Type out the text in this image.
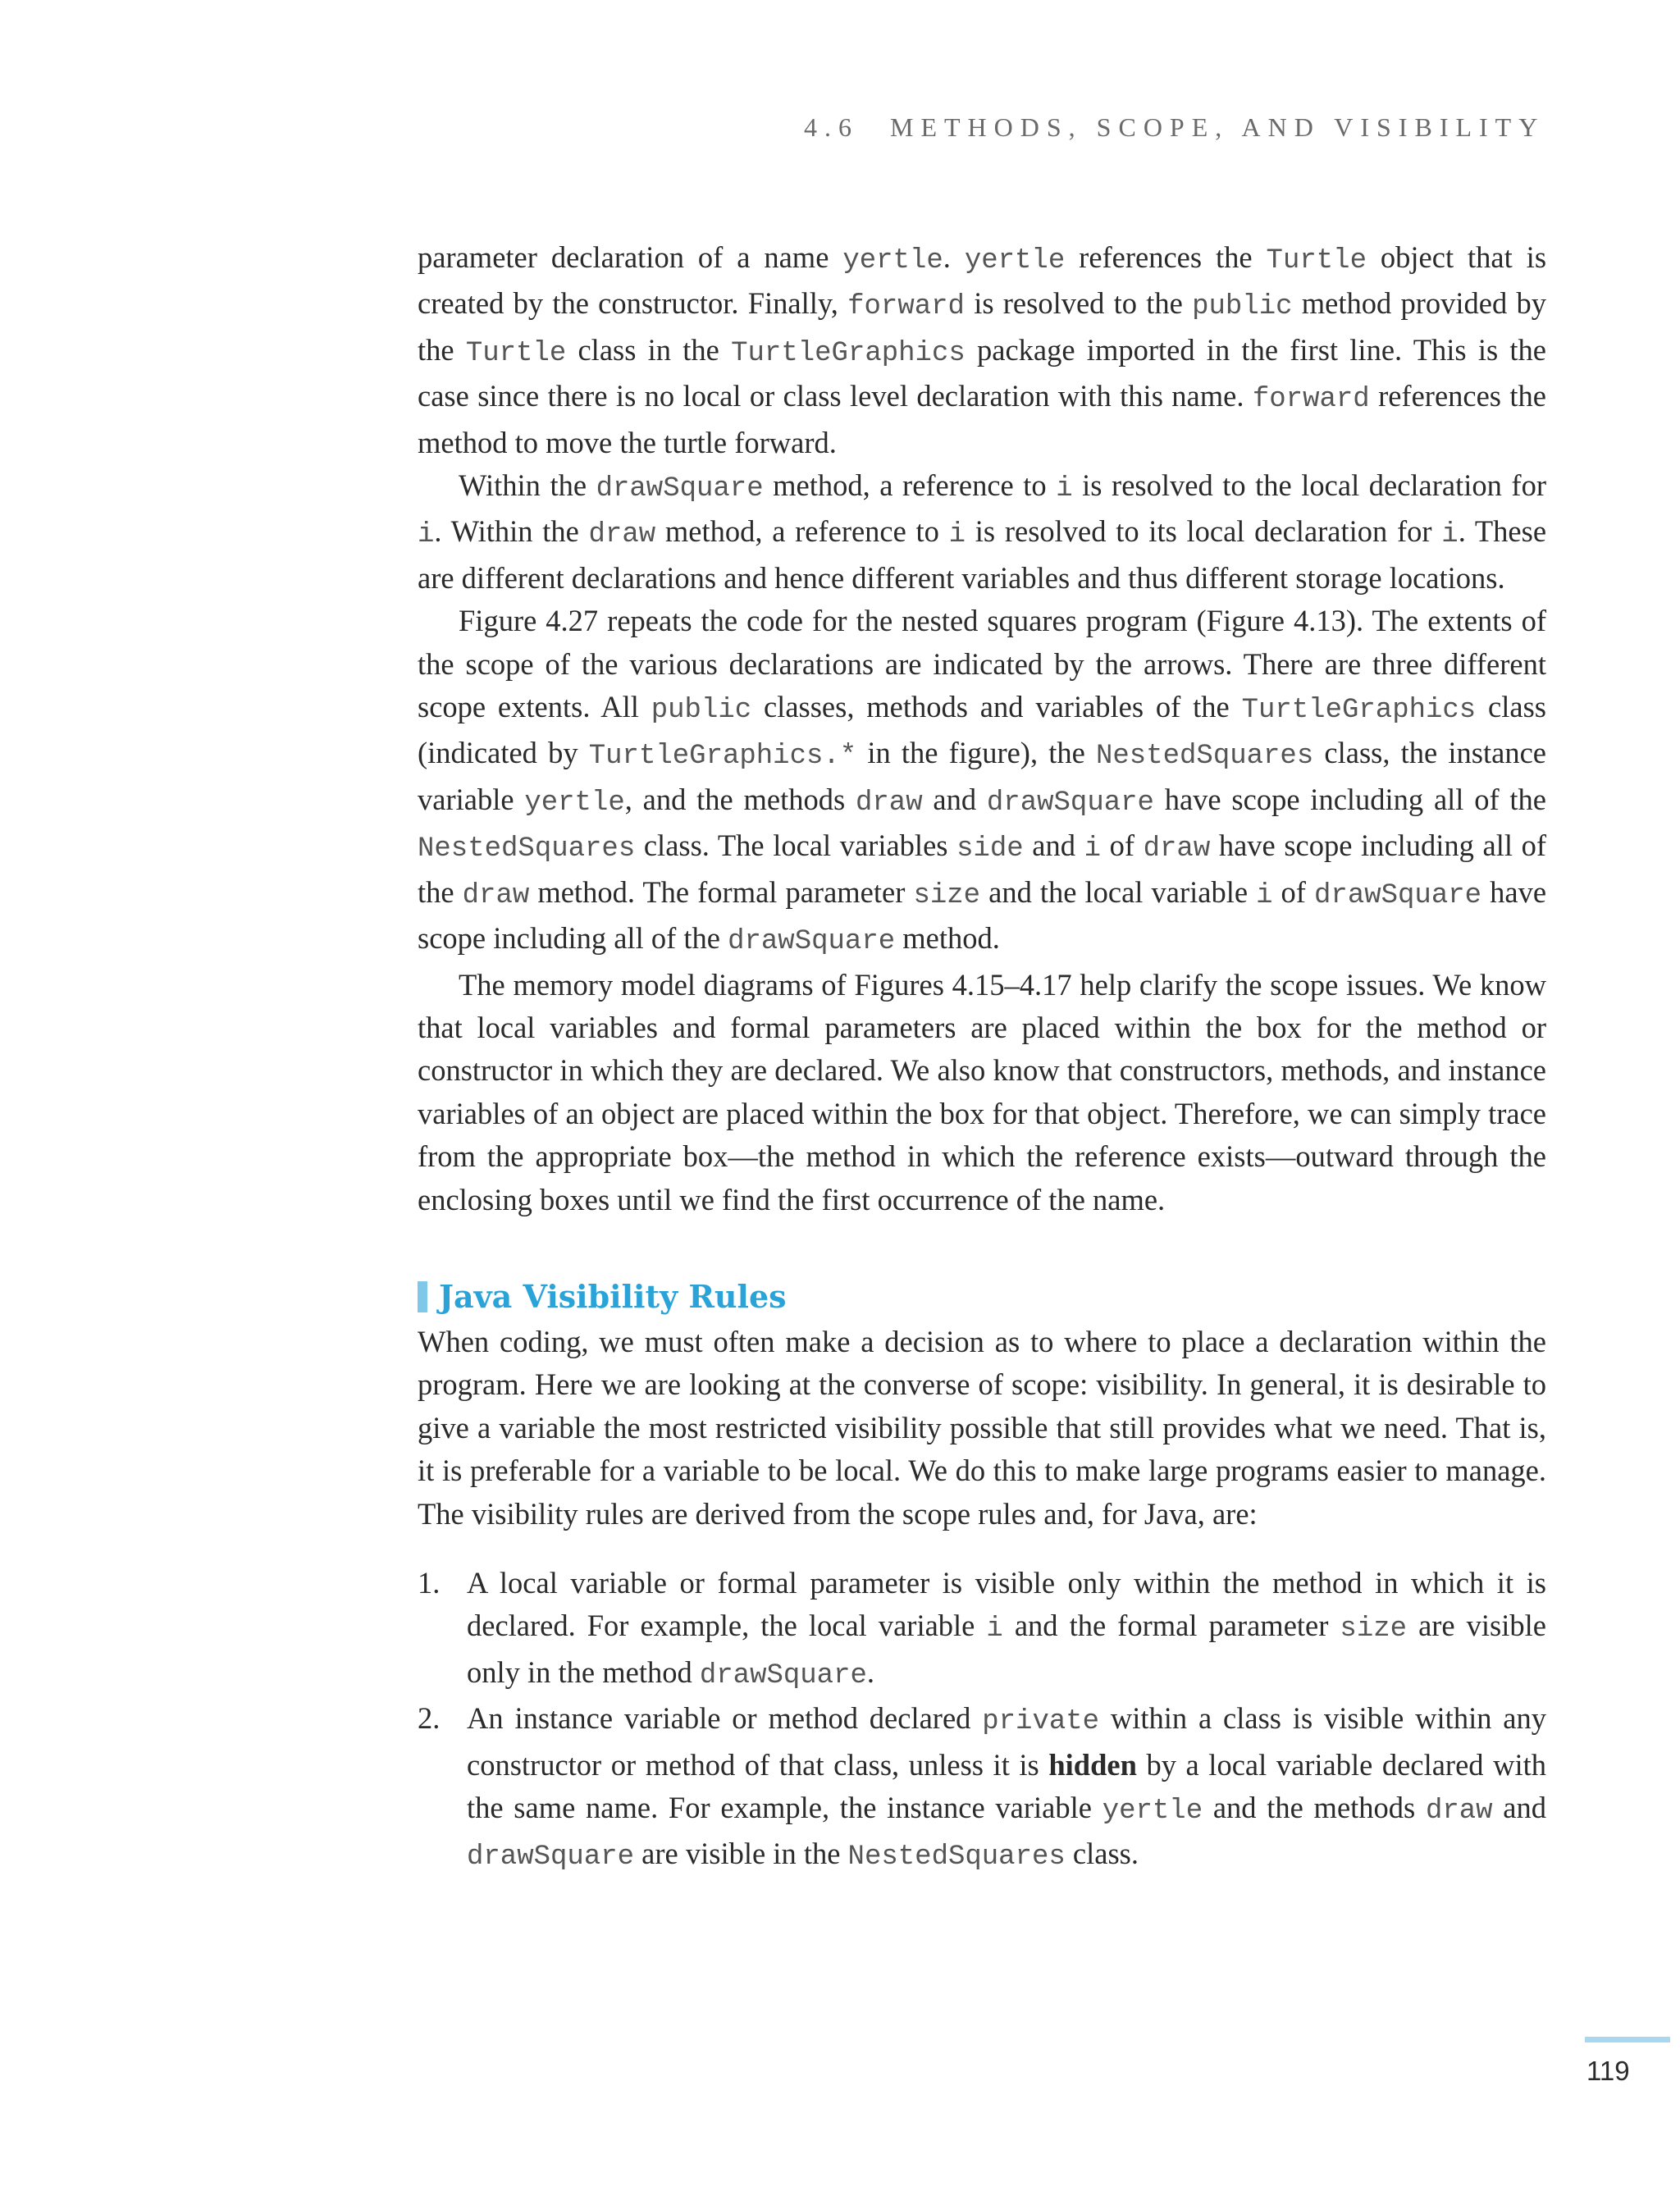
4.6 METHODS, SCOPE, AND VISIBILITY

parameter declaration of a name yertle. yertle references the Turtle object that is created by the constructor. Finally, forward is resolved to the public method provided by the Turtle class in the TurtleGraphics package imported in the first line. This is the case since there is no local or class level declaration with this name. forward references the method to move the turtle forward.

Within the drawSquare method, a reference to i is resolved to the local declaration for i. Within the draw method, a reference to i is resolved to its local declaration for i. These are different declarations and hence different variables and thus different storage locations.

Figure 4.27 repeats the code for the nested squares program (Figure 4.13). The extents of the scope of the various declarations are indicated by the arrows. There are three different scope extents. All public classes, methods and variables of the TurtleGraphics class (indicated by TurtleGraphics.* in the figure), the NestedSquares class, the instance variable yertle, and the methods draw and drawSquare have scope including all of the NestedSquares class. The local variables side and i of draw have scope including all of the draw method. The formal parameter size and the local variable i of drawSquare have scope including all of the drawSquare method.

The memory model diagrams of Figures 4.15–4.17 help clarify the scope issues. We know that local variables and formal parameters are placed within the box for the method or constructor in which they are declared. We also know that constructors, methods, and instance variables of an object are placed within the box for that object. Therefore, we can simply trace from the appropriate box—the method in which the reference exists—outward through the enclosing boxes until we find the first occurrence of the name.

Java Visibility Rules

When coding, we must often make a decision as to where to place a declaration within the program. Here we are looking at the converse of scope: visibility. In general, it is desirable to give a variable the most restricted visibility possible that still provides what we need. That is, it is preferable for a variable to be local. We do this to make large programs easier to manage. The visibility rules are derived from the scope rules and, for Java, are:

1. A local variable or formal parameter is visible only within the method in which it is declared. For example, the local variable i and the formal parameter size are visible only in the method drawSquare.
2. An instance variable or method declared private within a class is visible within any constructor or method of that class, unless it is hidden by a local variable declared with the same name. For example, the instance variable yertle and the methods draw and drawSquare are visible in the NestedSquares class.
119
